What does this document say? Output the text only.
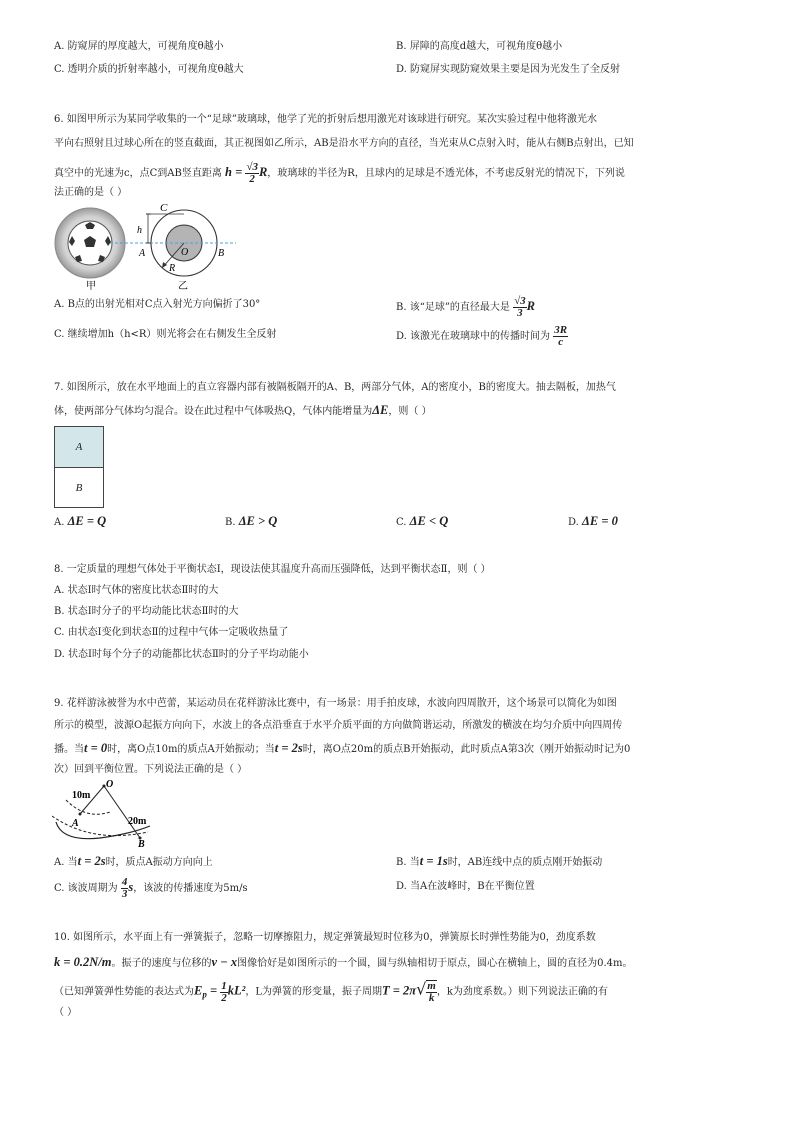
A. 防窥屏的厚度越大，可视角度θ越小	B. 屏障的高度d越大，可视角度θ越小
C. 透明介质的折射率越小，可视角度θ越大	D. 防窥屏实现防窥效果主要是因为光发生了全反射
6. 如图甲所示为某同学收集的一个“足球”玻璃球，他学了光的折射后想用激光对该球进行研究。某次实验过程中他将激光水
平向右照射且过球心所在的竖直截面，其正视图如乙所示，AB是沿水平方向的直径，当光束从C点射入时，能从右侧B点射出，已知
真空中的光速为c，点C到AB竖直距离 $h = \frac{√3}{2}$ R，玻璃球的半径为R，且球内的足球是不透光体，不考虑反射光的情况下，下列说
法正确的是（ ）
C
h
A	O	B
R
甲	乙
A. B点的出射光相对C点入射光方向偏折了30°	B. 该“足球”的直径最大是 $\frac{√3}{3}$ R
C. 继续增加h（h<R）则光将会在右侧发生全反射	D. 该激光在玻璃球中的传播时间为 $\frac{3R}{c}$
7. 如图所示，放在水平地面上的直立容器内部有被隔板隔开的A、B，两部分气体，A的密度小，B的密度大。抽去隔板，加热气
体，使两部分气体均匀混合。设在此过程中气体吸热Q，气体内能增量为ΔE，则（ ）
A
B
A. ΔE = Q	B. ΔE > Q	C. ΔE < Q	D. ΔE = 0
8. 一定质量的理想气体处于平衡状态Ⅰ，现设法使其温度升高而压强降低，达到平衡状态Ⅱ，则（ ）
A. 状态Ⅰ时气体的密度比状态Ⅱ时的大
B. 状态Ⅰ时分子的平均动能比状态Ⅱ时的大
C. 由状态Ⅰ变化到状态Ⅱ的过程中气体一定吸收热量了
D. 状态Ⅰ时每个分子的动能都比状态Ⅱ时的分子平均动能小
9. 花样游泳被誉为水中芭蕾，某运动员在花样游泳比赛中，有一场景：用手拍皮球，水波向四周散开，这个场景可以简化为如图
所示的模型，波源O起振方向向下，水波上的各点沿垂直于水平介质平面的方向做简谐运动，所激发的横波在均匀介质中向四周传
播。当t = 0时，离O点10m的质点A开始振动；当t = 2s时，离O点20m的质点B开始振动，此时质点A第3次（刚开始振动时记为0
次）回到平衡位置。下列说法正确的是（ ）
O
10m
20m
A
B
A. 当t = 2s时，质点A振动方向向上	B. 当t = 1s时，AB连线中点的质点刚开始振动
C. 该波周期为 $\frac{4}{3}$ s，该波的传播速度为5m/s	D. 当A在波峰时，B在平衡位置
10. 如图所示，水平面上有一弹簧振子，忽略一切摩擦阻力，规定弹簧最短时位移为0，弹簧原长时弹性势能为0，劲度系数
k = 0.2N/m。振子的速度与位移的v − x图像恰好是如图所示的一个圆，圆与纵轴相切于原点，圆心在横轴上，圆的直径为0.4m。
（已知弹簧弹性势能的表达式为$E_p = \frac{1}{2} kL^2$，L为弹簧的形变量，振子周期$T = 2\pi√ \frac{m}{k}$ ，k为劲度系数。）则下列说法正确的有
（ ）
